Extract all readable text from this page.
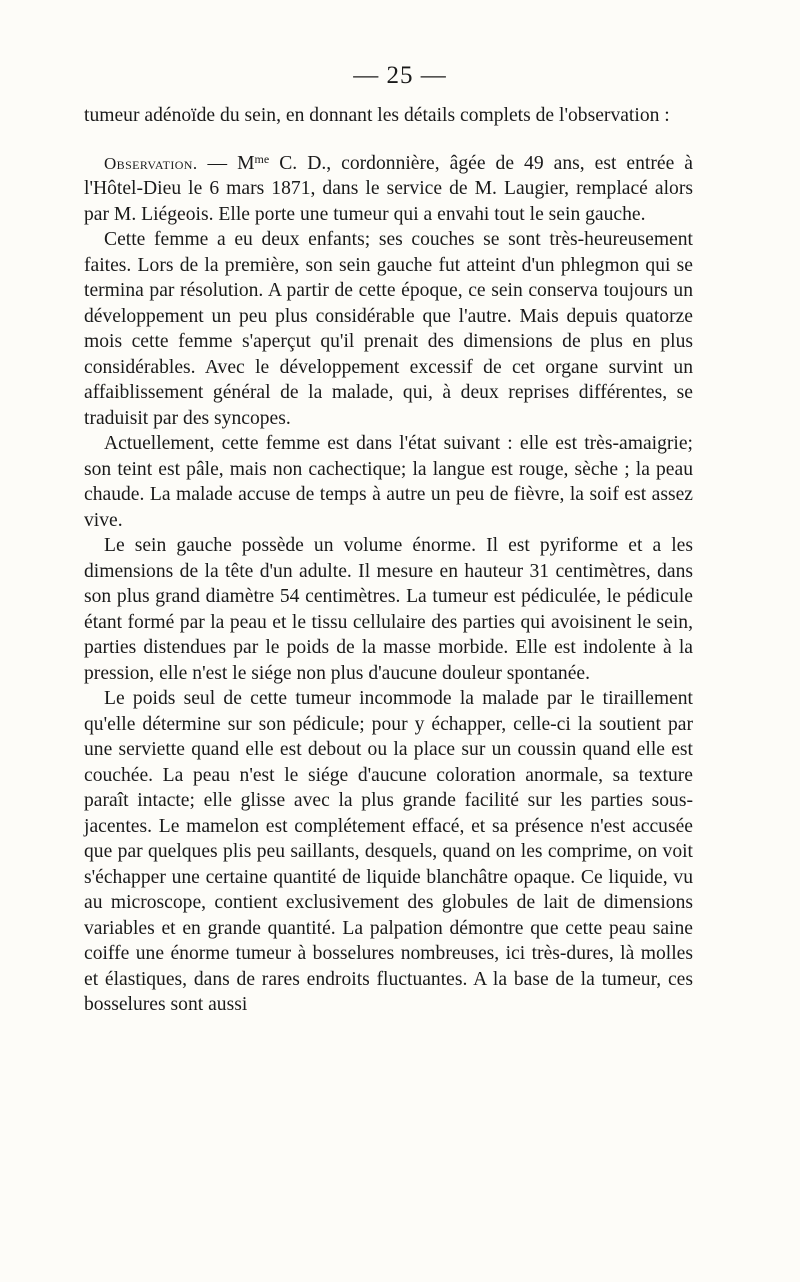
— 25 —

tumeur adénoïde du sein, en donnant les détails complets de l'observation :

Observation. — $M^{me}$ C. D., cordonnière, âgée de 49 ans, est entrée à l'Hôtel-Dieu le 6 mars 1871, dans le service de M. Laugier, remplacé alors par M. Liégeois. Elle porte une tumeur qui a envahi tout le sein gauche.

Cette femme a eu deux enfants; ses couches se sont très-heureusement faites. Lors de la première, son sein gauche fut atteint d'un phlegmon qui se termina par résolution. A partir de cette époque, ce sein conserva toujours un développement un peu plus considérable que l'autre. Mais depuis quatorze mois cette femme s'aperçut qu'il prenait des dimensions de plus en plus considérables. Avec le développement excessif de cet organe survint un affaiblissement général de la malade, qui, à deux reprises différentes, se traduisit par des syncopes.

Actuellement, cette femme est dans l'état suivant : elle est très-amaigrie; son teint est pâle, mais non cachectique; la langue est rouge, sèche ; la peau chaude. La malade accuse de temps à autre un peu de fièvre, la soif est assez vive.

Le sein gauche possède un volume énorme. Il est pyriforme et a les dimensions de la tête d'un adulte. Il mesure en hauteur 31 centimètres, dans son plus grand diamètre 54 centimètres. La tumeur est pédiculée, le pédicule étant formé par la peau et le tissu cellulaire des parties qui avoisinent le sein, parties distendues par le poids de la masse morbide. Elle est indolente à la pression, elle n'est le siége non plus d'aucune douleur spontanée.

Le poids seul de cette tumeur incommode la malade par le tiraillement qu'elle détermine sur son pédicule; pour y échapper, celle-ci la soutient par une serviette quand elle est debout ou la place sur un coussin quand elle est couchée. La peau n'est le siége d'aucune coloration anormale, sa texture paraît intacte; elle glisse avec la plus grande facilité sur les parties sous-jacentes. Le mamelon est complétement effacé, et sa présence n'est accusée que par quelques plis peu saillants, desquels, quand on les comprime, on voit s'échapper une certaine quantité de liquide blanchâtre opaque. Ce liquide, vu au microscope, contient exclusivement des globules de lait de dimensions variables et en grande quantité. La palpation démontre que cette peau saine coiffe une énorme tumeur à bosselures nombreuses, ici très-dures, là molles et élastiques, dans de rares endroits fluctuantes. A la base de la tumeur, ces bosselures sont aussi
